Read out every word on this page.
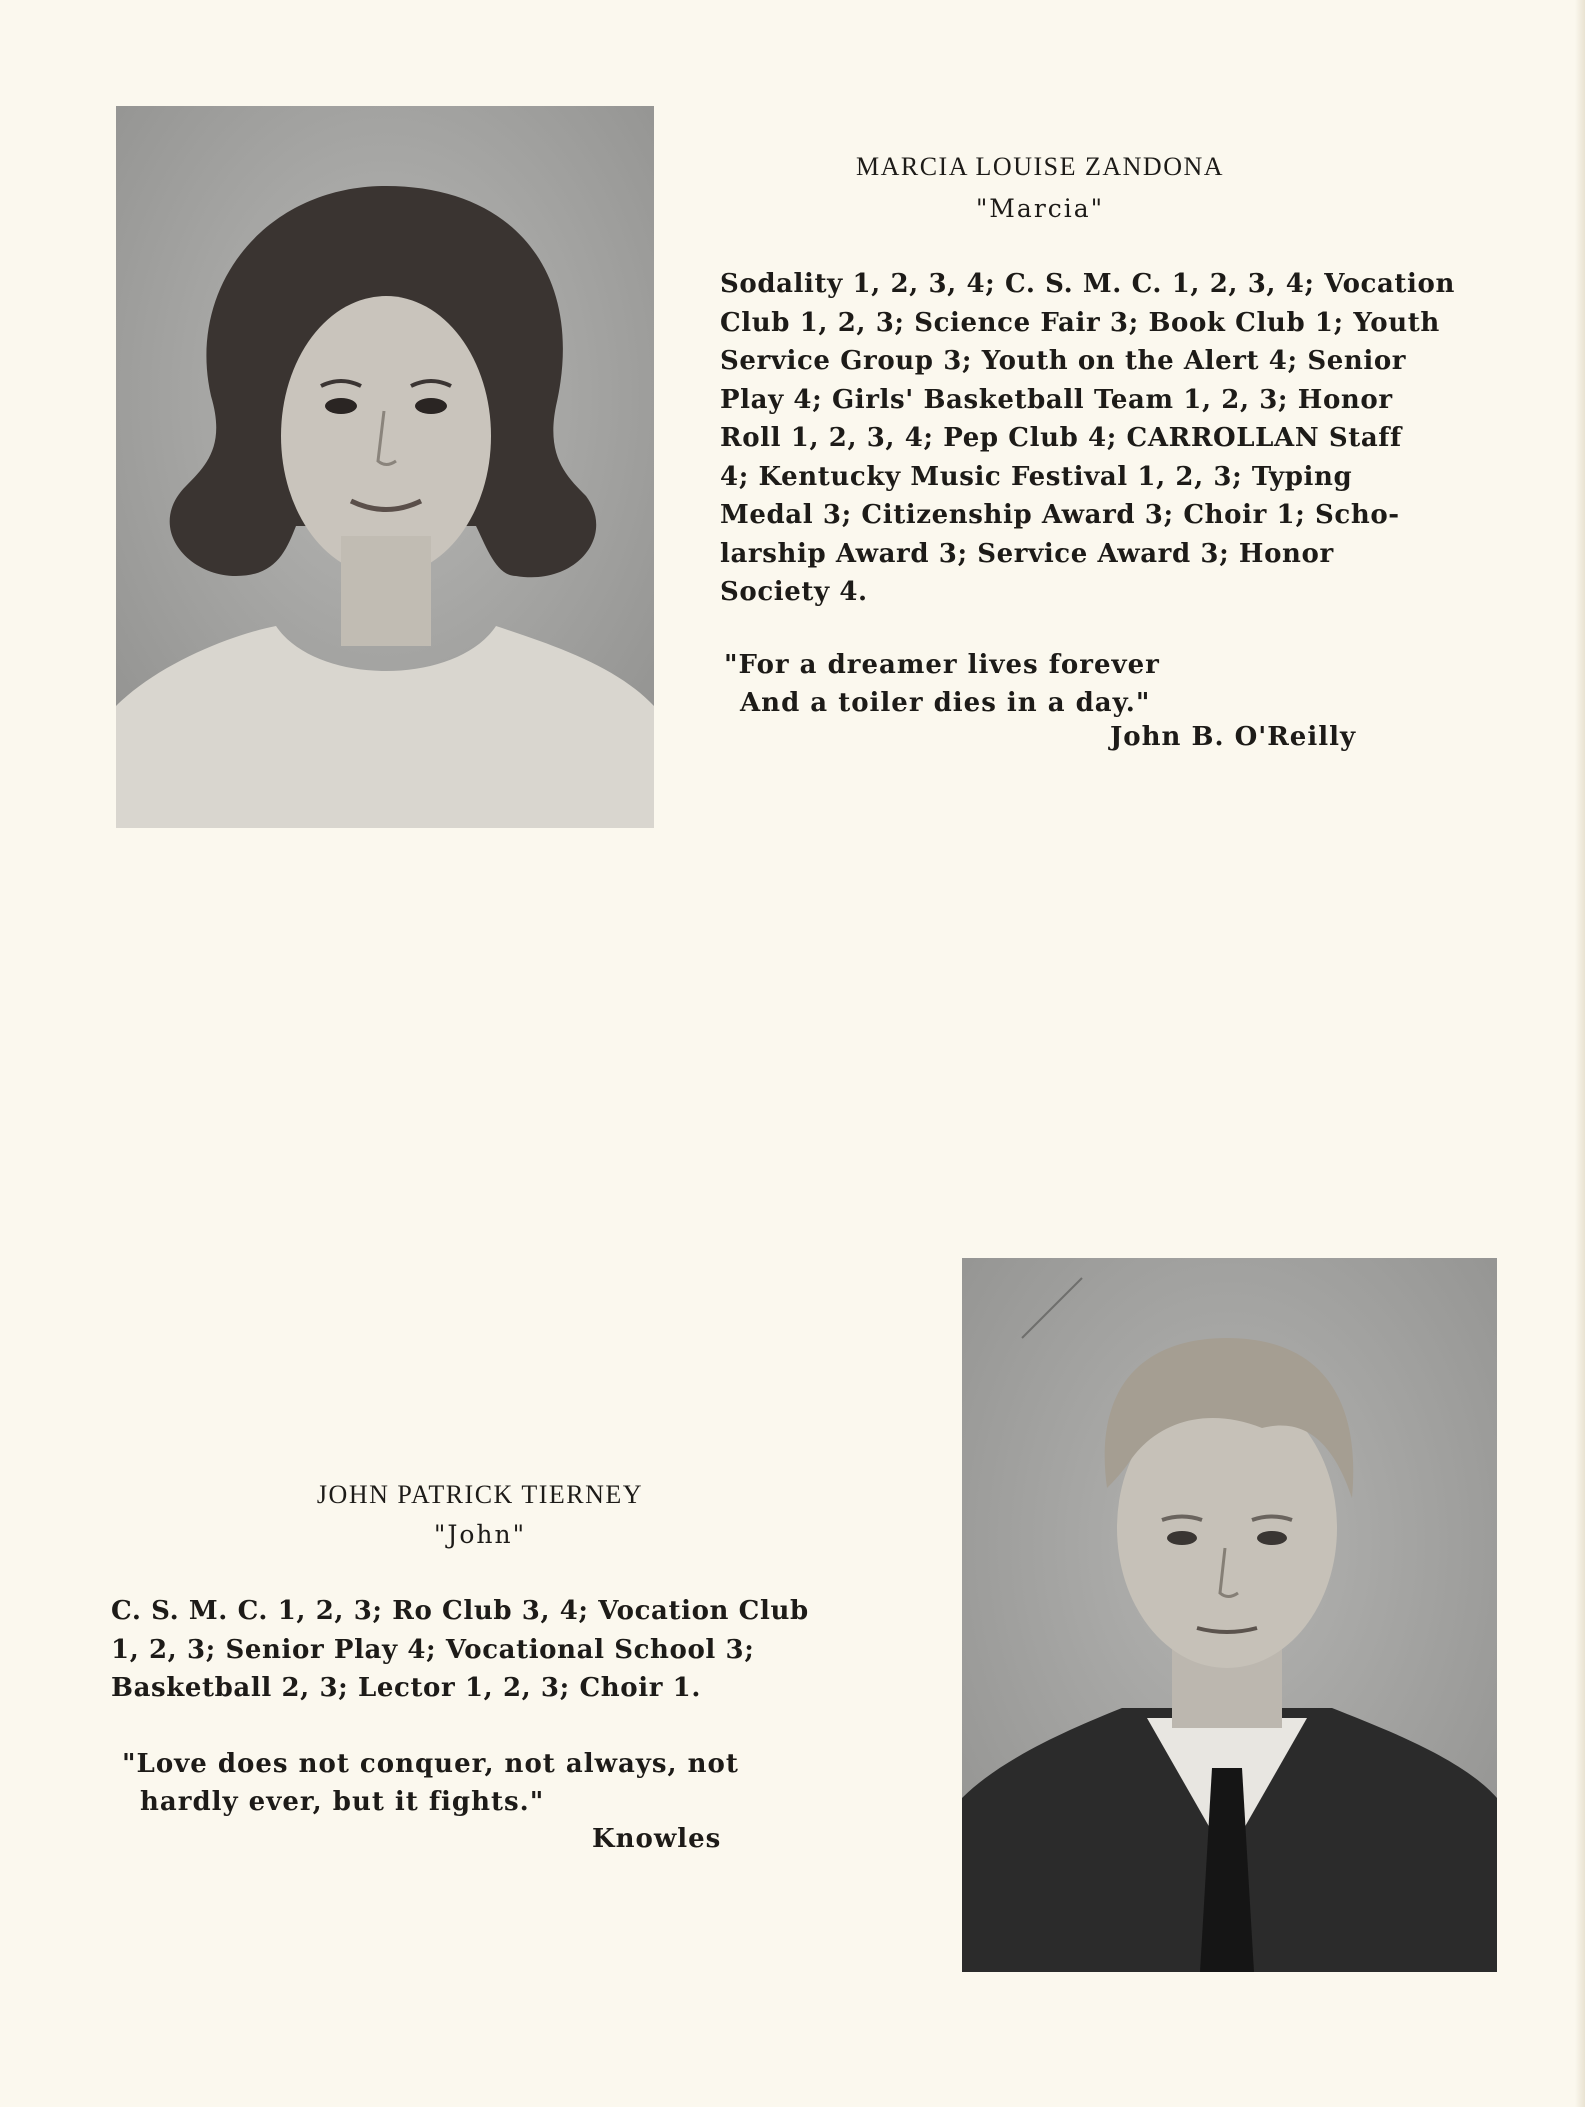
MARCIA LOUISE ZANDONA
"Marcia"

Sodality 1, 2, 3, 4; C. S. M. C. 1, 2, 3, 4; Vocation
Club 1, 2, 3; Science Fair 3; Book Club 1; Youth
Service Group 3; Youth on the Alert 4; Senior
Play 4; Girls' Basketball Team 1, 2, 3; Honor
Roll 1, 2, 3, 4; Pep Club 4; CARROLLAN Staff
4; Kentucky Music Festival 1, 2, 3; Typing
Medal 3; Citizenship Award 3; Choir 1; Scho-
larship Award 3; Service Award 3; Honor
Society 4.

"For a dreamer lives forever
And a toiler dies in a day."

John B. O'Reilly
JOHN PATRICK TIERNEY
"John"

C. S. M. C. 1, 2, 3; Ro Club 3, 4; Vocation Club
1, 2, 3; Senior Play 4; Vocational School 3;
Basketball 2, 3; Lector 1, 2, 3; Choir 1.

"Love does not conquer, not always, not
hardly ever, but it fights."

Knowles
